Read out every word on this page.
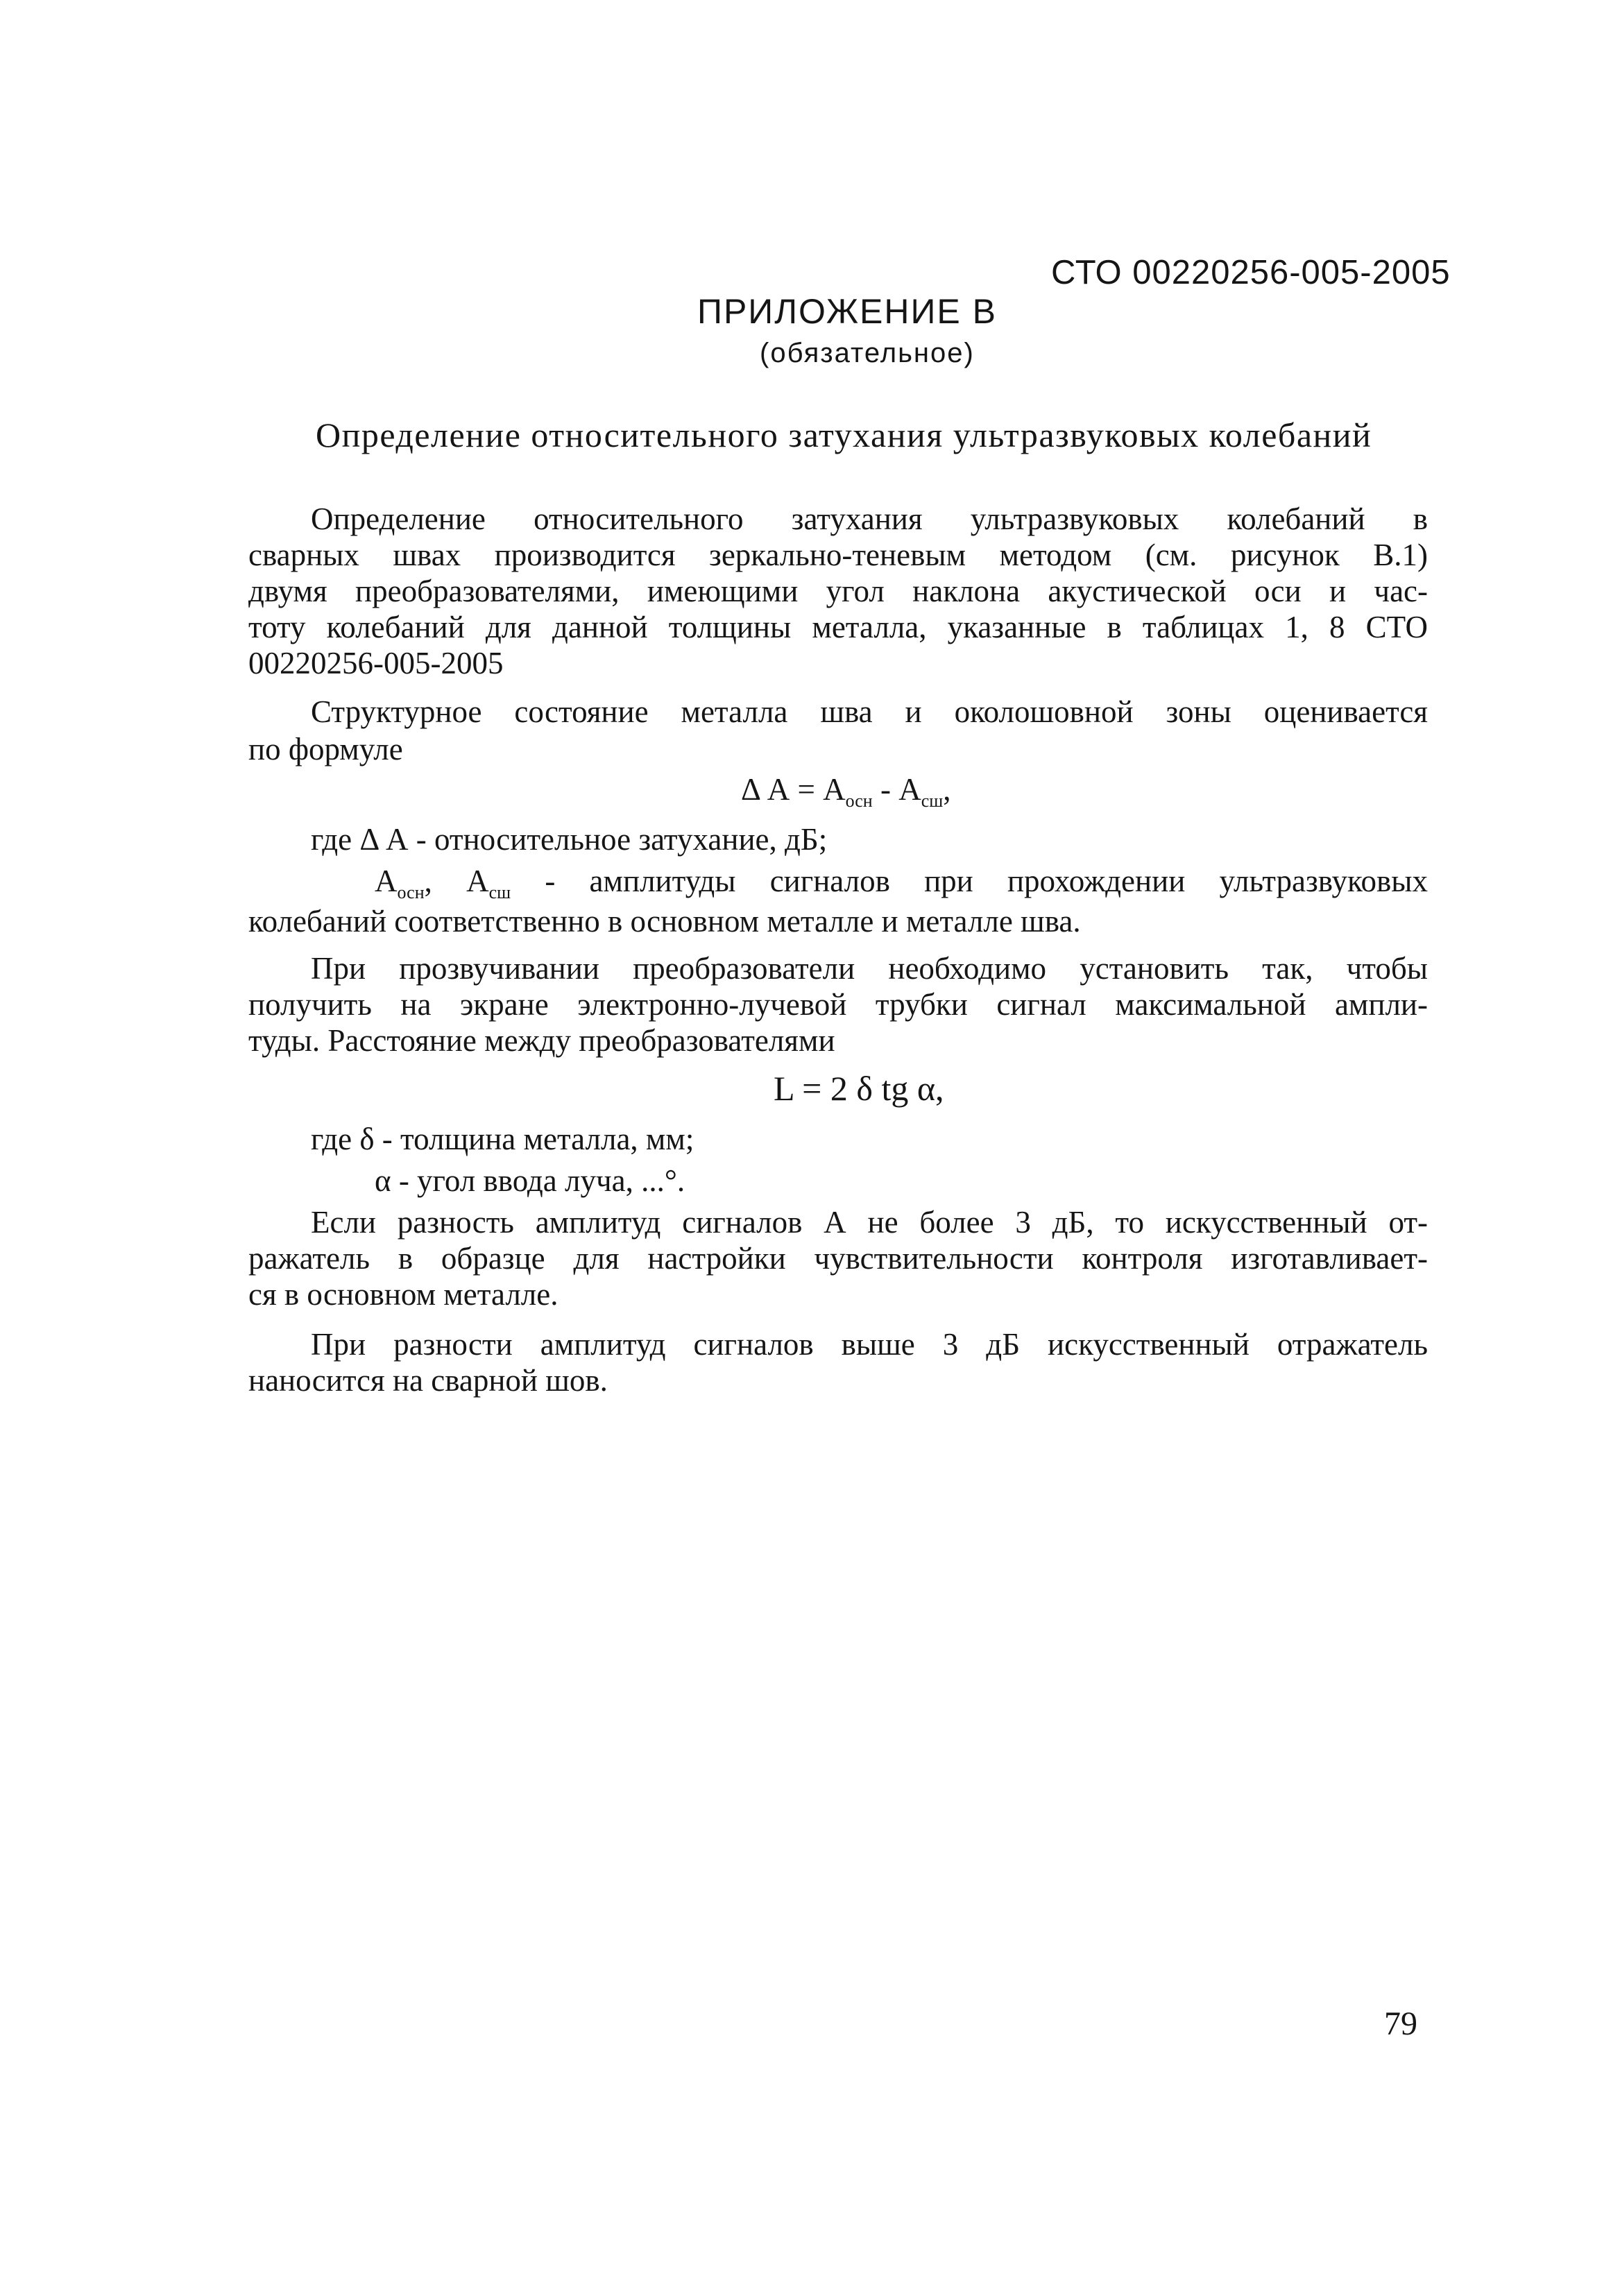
СТО 00220256-005-2005
ПРИЛОЖЕНИЕ В
(обязательное)
Определение относительного затухания ультразвуковых колебаний
Определение относительного затухания ультразвуковых колебаний в
сварных швах производится зеркально-теневым методом (см. рисунок В.1)
двумя преобразователями, имеющими угол наклона акустической оси и час-
тоту колебаний для данной толщины металла, указанные в таблицах 1, 8 СТО
00220256-005-2005
Структурное состояние металла шва и околошовной зоны оценивается
по формуле
Δ $А = А_{осн} - А_{сш}$,
где Δ А - относительное затухание, дБ;
$А_{осн}$, $А_{сш}$ - амплитуды сигналов при прохождении ультразвуковых
колебаний соответственно в основном металле и металле шва.
При прозвучивании преобразователи необходимо установить так, чтобы
получить на экране электронно-лучевой трубки сигнал максимальной ампли-
туды. Расстояние между преобразователями
L = 2 δ tg α,
где δ - толщина металла, мм;
α - угол ввода луча, ...°.
Если разность амплитуд сигналов А не более 3 дБ, то искусственный от-
ражатель в образце для настройки чувствительности контроля изготавливает-
ся в основном металле.
При разности амплитуд сигналов выше 3 дБ искусственный отражатель
наносится на сварной шов.
79
